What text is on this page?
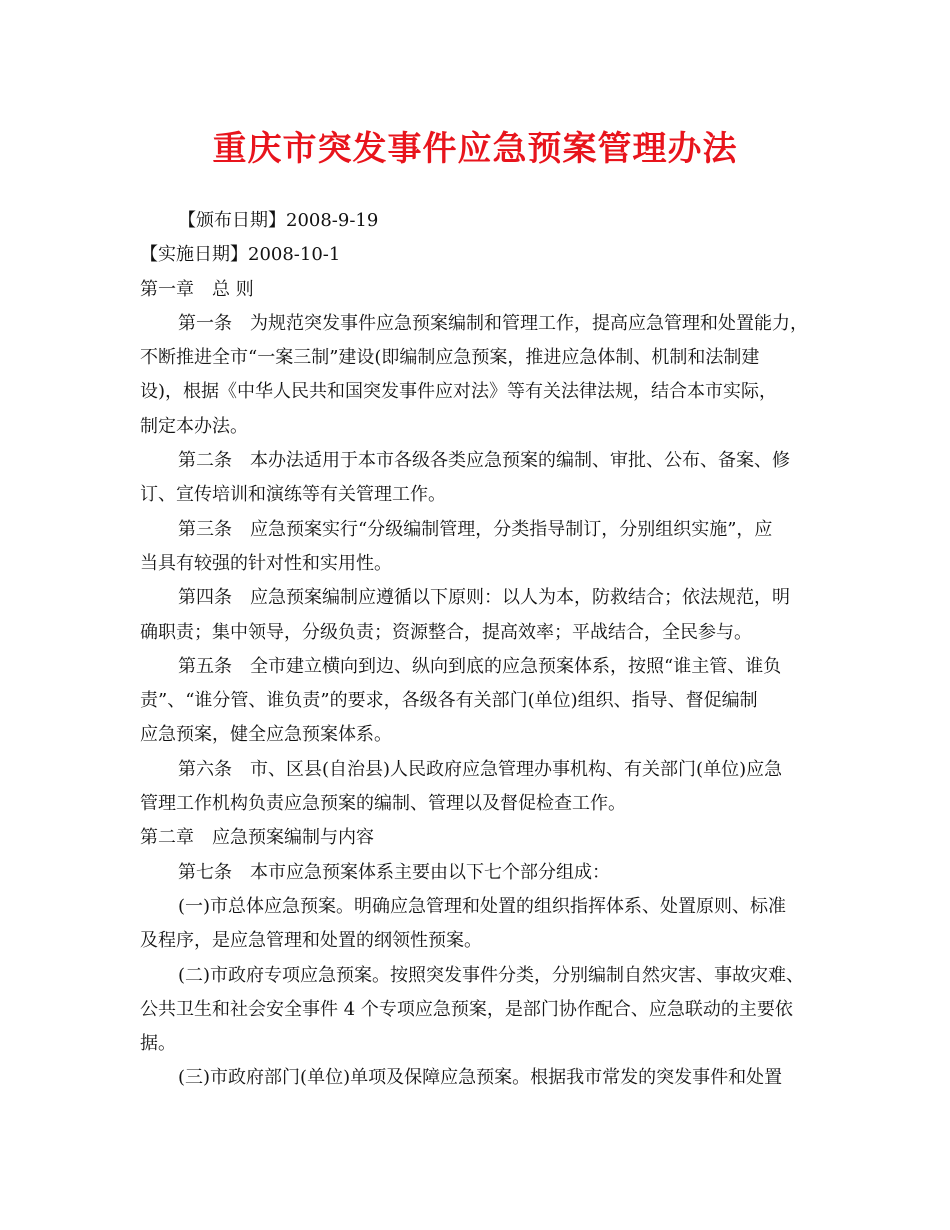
重庆市突发事件应急预案管理办法
【颁布日期】2008-9-19
【实施日期】2008-10-1
第一章　总 则
第一条　为规范突发事件应急预案编制和管理工作，提高应急管理和处置能力，
不断推进全市“一案三制”建设(即编制应急预案，推进应急体制、机制和法制建
设)，根据《中华人民共和国突发事件应对法》等有关法律法规，结合本市实际，
制定本办法。
第二条　本办法适用于本市各级各类应急预案的编制、审批、公布、备案、修
订、宣传培训和演练等有关管理工作。
第三条　应急预案实行“分级编制管理，分类指导制订，分别组织实施”，应
当具有较强的针对性和实用性。
第四条　应急预案编制应遵循以下原则：以人为本，防救结合；依法规范，明
确职责；集中领导，分级负责；资源整合，提高效率；平战结合，全民参与。
第五条　全市建立横向到边、纵向到底的应急预案体系，按照“谁主管、谁负
责”、“谁分管、谁负责”的要求，各级各有关部门(单位)组织、指导、督促编制
应急预案，健全应急预案体系。
第六条　市、区县(自治县)人民政府应急管理办事机构、有关部门(单位)应急
管理工作机构负责应急预案的编制、管理以及督促检查工作。
第二章　应急预案编制与内容
第七条　本市应急预案体系主要由以下七个部分组成：
(一)市总体应急预案。明确应急管理和处置的组织指挥体系、处置原则、标准
及程序，是应急管理和处置的纲领性预案。
(二)市政府专项应急预案。按照突发事件分类，分别编制自然灾害、事故灾难、
公共卫生和社会安全事件 4 个专项应急预案，是部门协作配合、应急联动的主要依
据。
(三)市政府部门(单位)单项及保障应急预案。根据我市常发的突发事件和处置
